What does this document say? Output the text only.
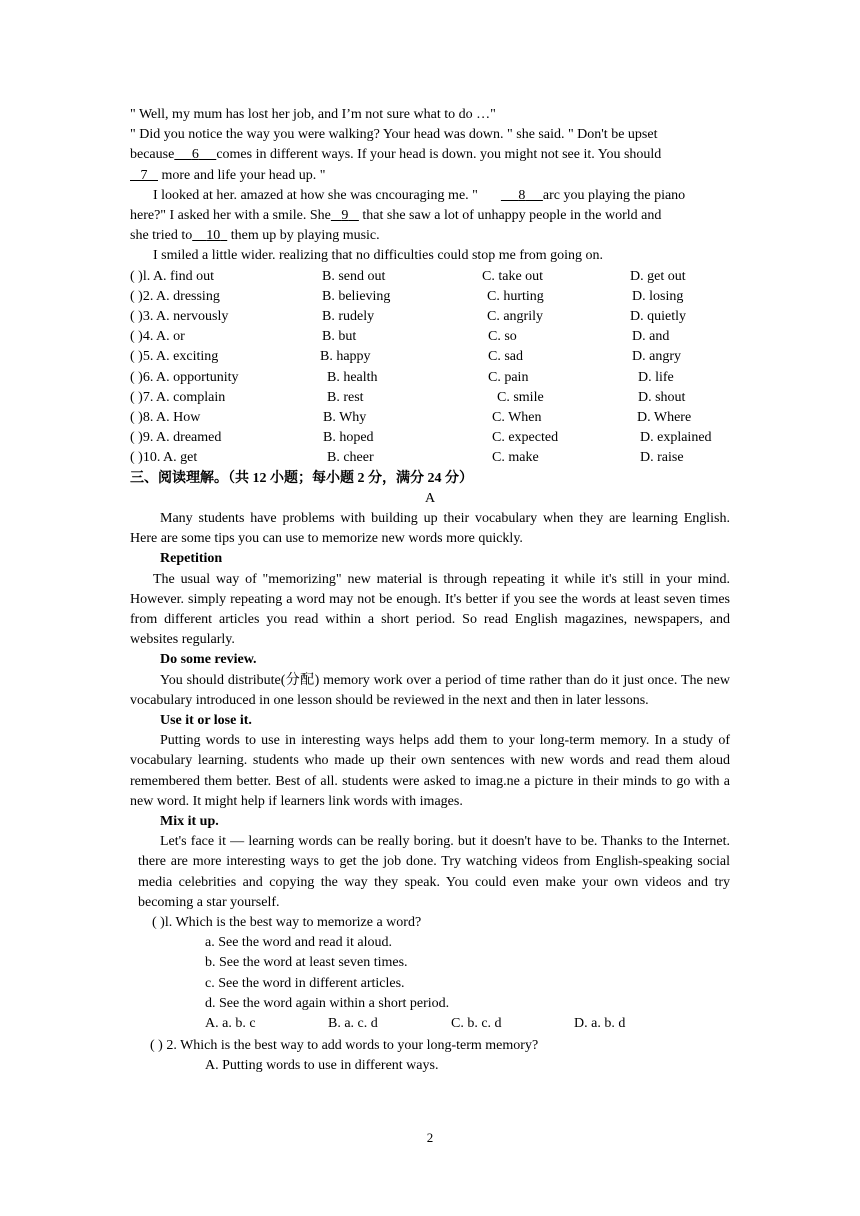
" Well, my mum has lost her job, and I’m not sure what to do …"

" Did you notice the way you were walking? Your head was down. " she said. " Don't be upset

because 6 comes in different ways. If your head is down. you might not see it. You should

7    more and life your head up. "

I looked at her. amazed at how she was cncouraging me. "	8 arc you playing the piano

here?" I asked her with a smile. She 9    that she saw a lot of unhappy people in the world and

she tried to 10   them up by playing music.

I smiled a little wider. realizing that no difficulties could stop me from going on.

( )l. A. find out	B. send out	C. take out	D. get out
( )2. A. dressing	B. believing	C. hurting	D. losing
( )3. A. nervously	B. rudely	C. angrily	D. quietly
( )4. A. or	B. but	C. so	D. and
( )5. A. exciting	B. happy	C. sad	D. angry
( )6. A. opportunity	B. health	C. pain	D. life
( )7. A. complain	B. rest	C. smile	D. shout
( )8. A. How	B. Why	C. When	D. Where
( )9. A. dreamed	B. hoped	C. expected	D. explained
( )10. A. get	B. cheer	C. make	D. raise

三、阅读理解。（共 12 小题；每小题 2 分，满分 24 分）

A

Many students have problems with building up their vocabulary when they are learning English. Here are some tips you can use to memorize new words more quickly.

Repetition

The usual way of "memorizing" new material is through repeating it while it's still in your mind. However. simply repeating a word may not be enough. It's better if you see the words at least seven times from different articles you read within a short period. So read English magazines, newspapers, and websites regularly.

Do some review.

You should distribute(分配) memory work over a period of time rather than do it just once. The new vocabulary introduced in one lesson should be reviewed in the next and then in later lessons.

Use it or lose it.

Putting words to use in interesting ways helps add them to your long-term memory. In a study of vocabulary learning. students who made up their own sentences with new words and read them aloud remembered them better. Best of all. students were asked to imag.ne a picture in their minds to go with a new word. It might help if learners link words with images.

Mix it up.

Let's face it — learning words can be really boring. but it doesn't have to be. Thanks to the Internet. there are more interesting ways to get the job done. Try watching videos from English-speaking social media celebrities and copying the way they speak. You could even make your own videos and try becoming a star yourself.

( )l. Which is the best way to memorize a word?

a. See the word and read it aloud.

b. See the word at least seven times.

c. See the word in different articles.

d. See the word again within a short period.

A. a. b. c	B. a. c. d	C. b. c. d	D. a. b. d

( ) 2. Which is the best way to add words to your long-term memory?

A. Putting words to use in different ways.

2
